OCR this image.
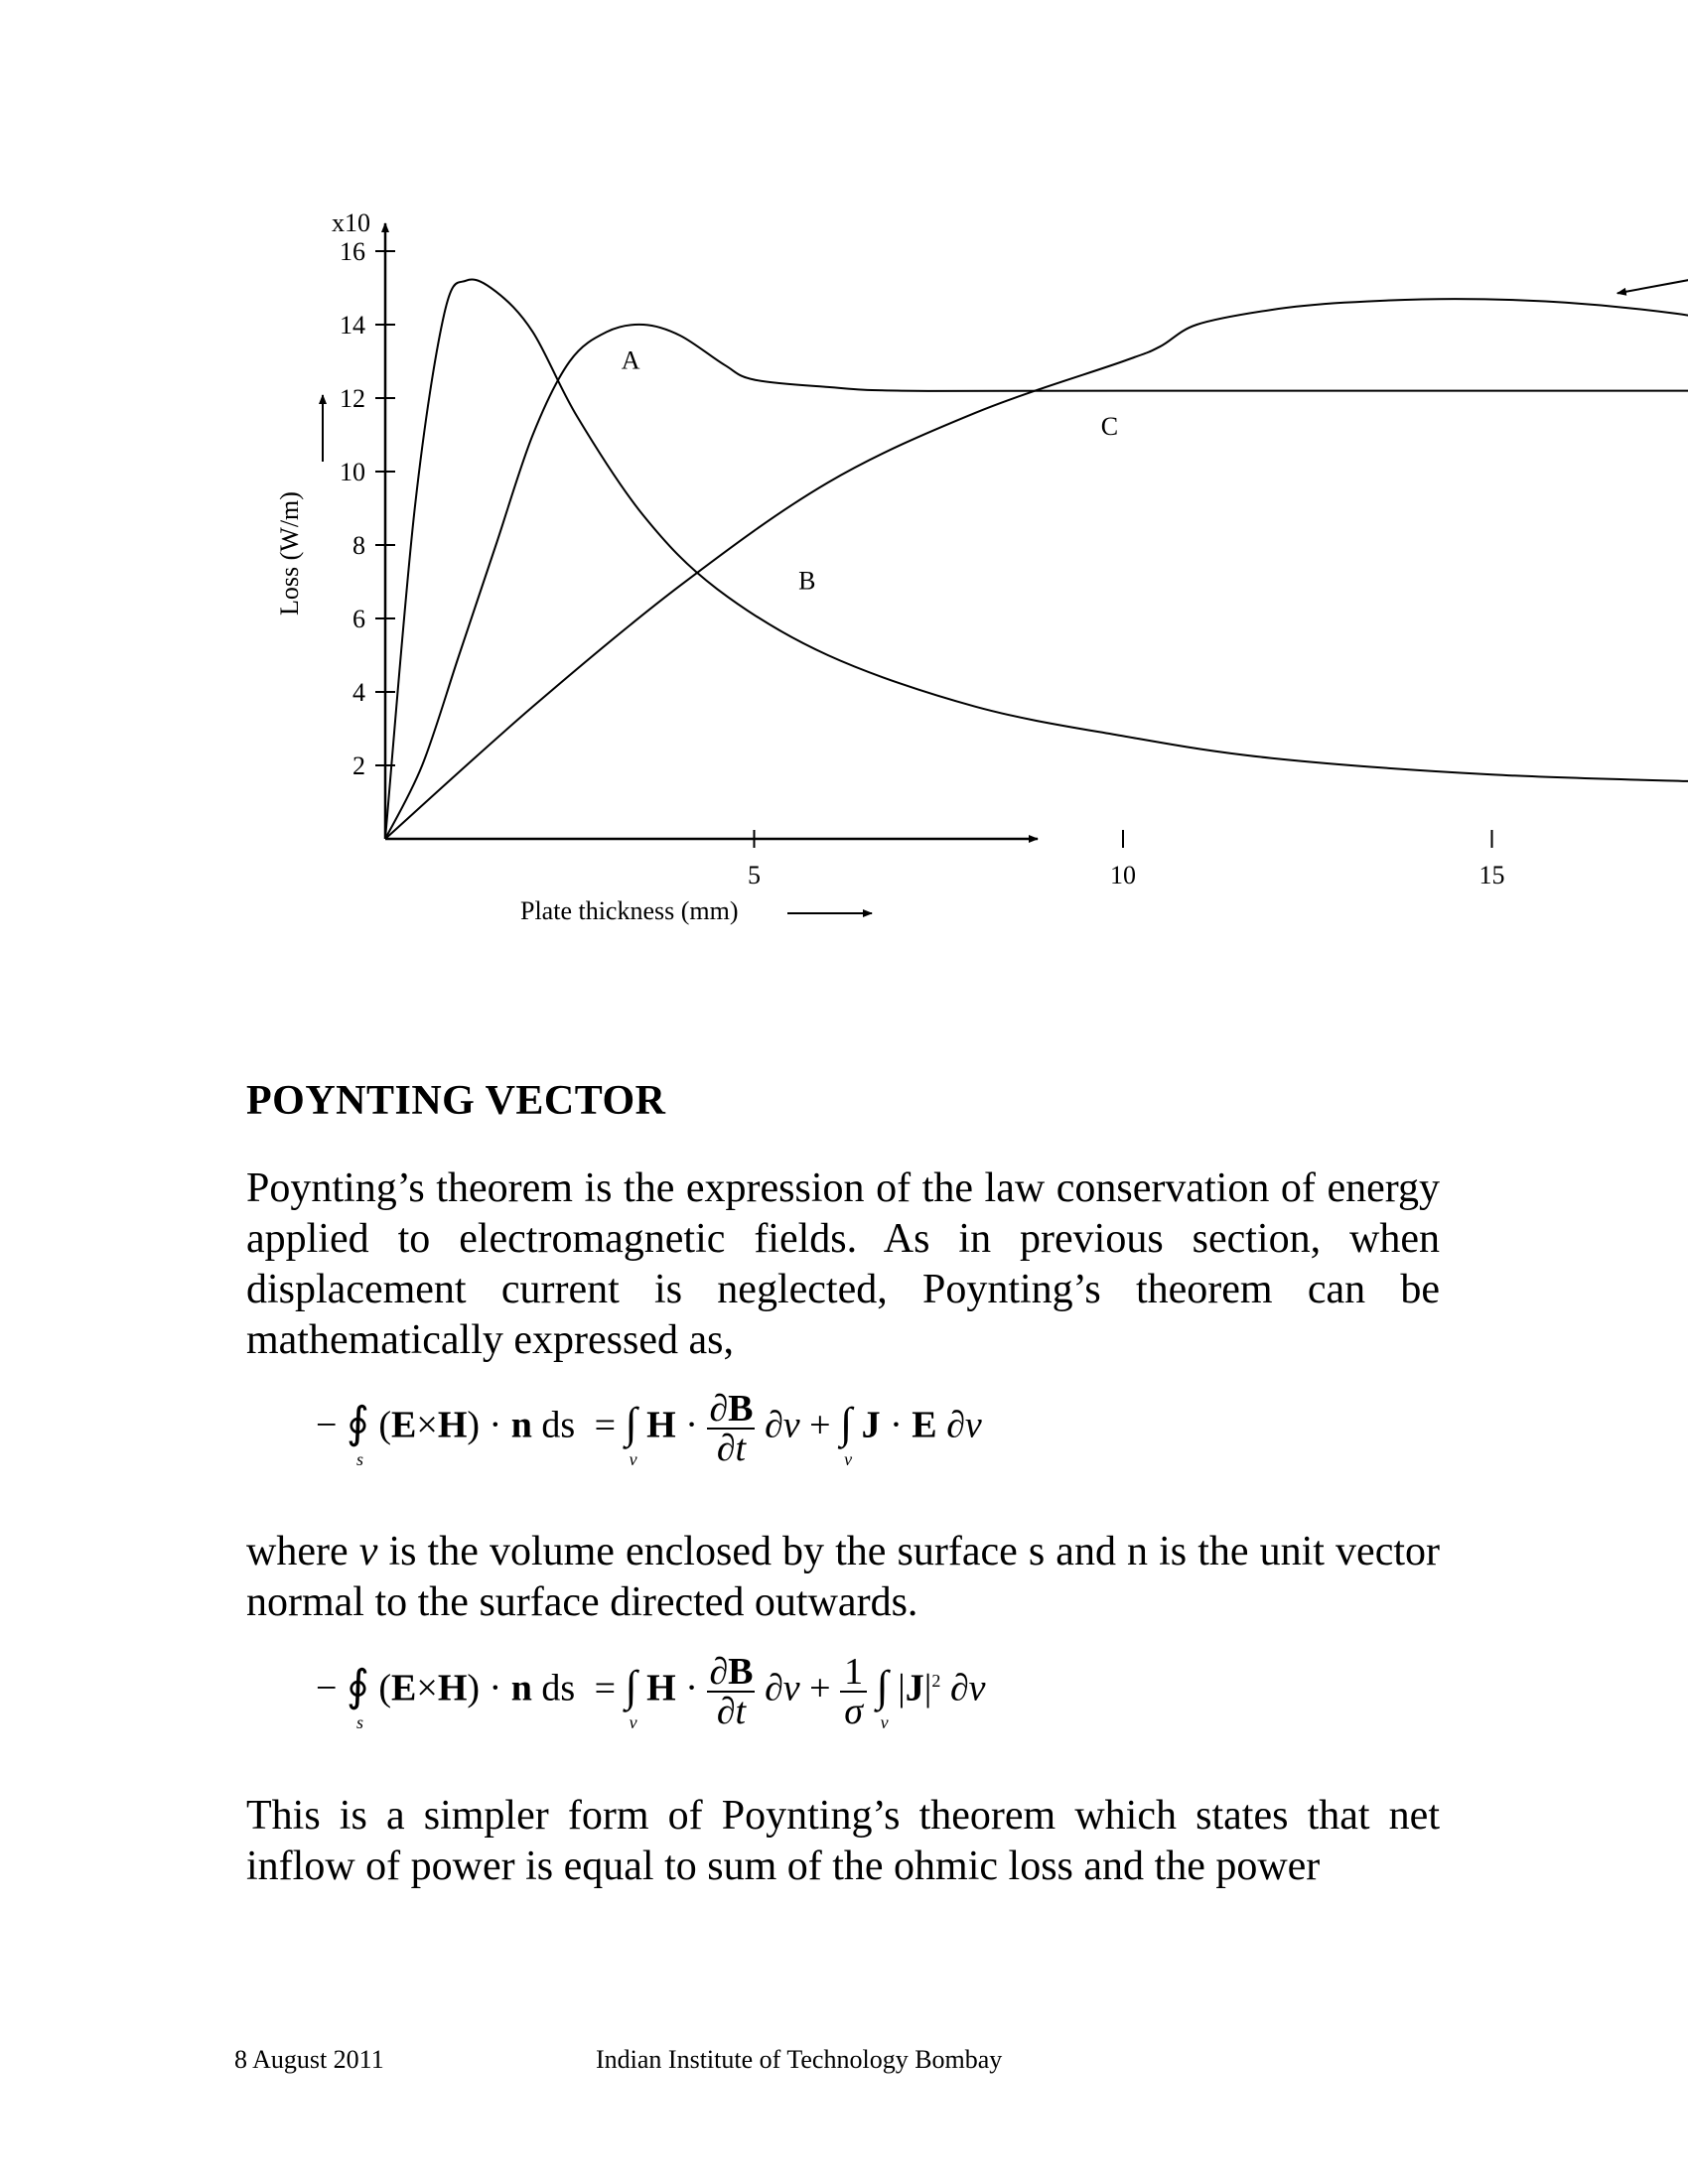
5	10	15
2
4
6
8
10
12
14
16
A
B
C
Plate thickness (mm)
Loss (W/m)
x10
POYNTING VECTOR
Poynting’s theorem is the expression of the law conservation of energy applied to electromagnetic fields. As in previous section, when displacement current is neglected, Poynting’s theorem can be mathematically expressed as,
− ∮
s
(E×H) · n ds = ∫
v
$H \cdot \frac{\partial B}{\partial t} \partial v$ + ∫
v
J · E ∂v
where v is the volume enclosed by the surface s and n is the unit vector normal to the surface directed outwards.
− ∮
s
(E×H) · n ds = ∫
v
$H \cdot \frac{\partial B}{\partial t} \partial v + \frac{1}{\sigma}$ ∫
v
$|J|^2$ ∂v
This is a simpler form of Poynting’s theorem which states that net inflow of power is equal to sum of the ohmic loss and the power
8 August 2011	Indian Institute of Technology Bombay
